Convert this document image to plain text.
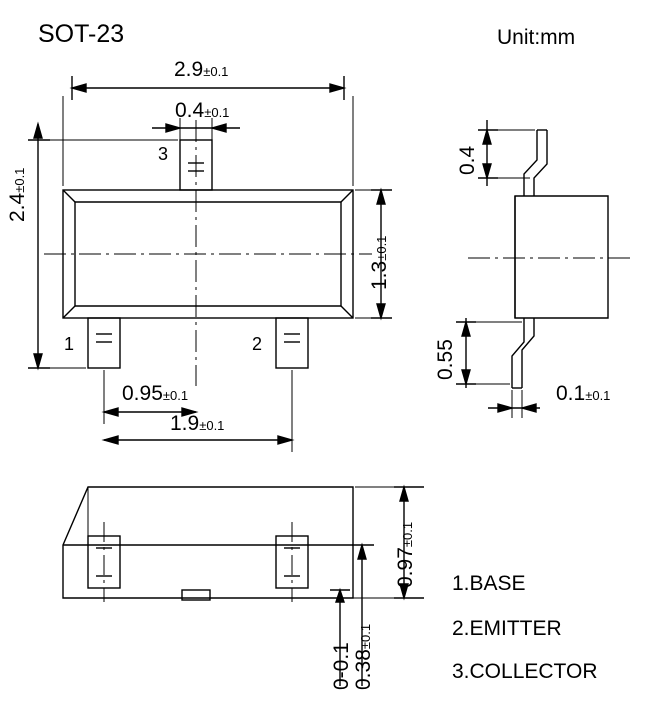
SOT-23	Unit:mm
2.9±0.1
0.4±0.1
2.4±0.1
1.3±0.1
0.95±0.1
1.9±0.1
3
1	2
0.4
0.55
0.1±0.1
0.97±0.1
0-0.1 0.38±0.1
1.BASE
2.EMITTER
3.COLLECTOR
